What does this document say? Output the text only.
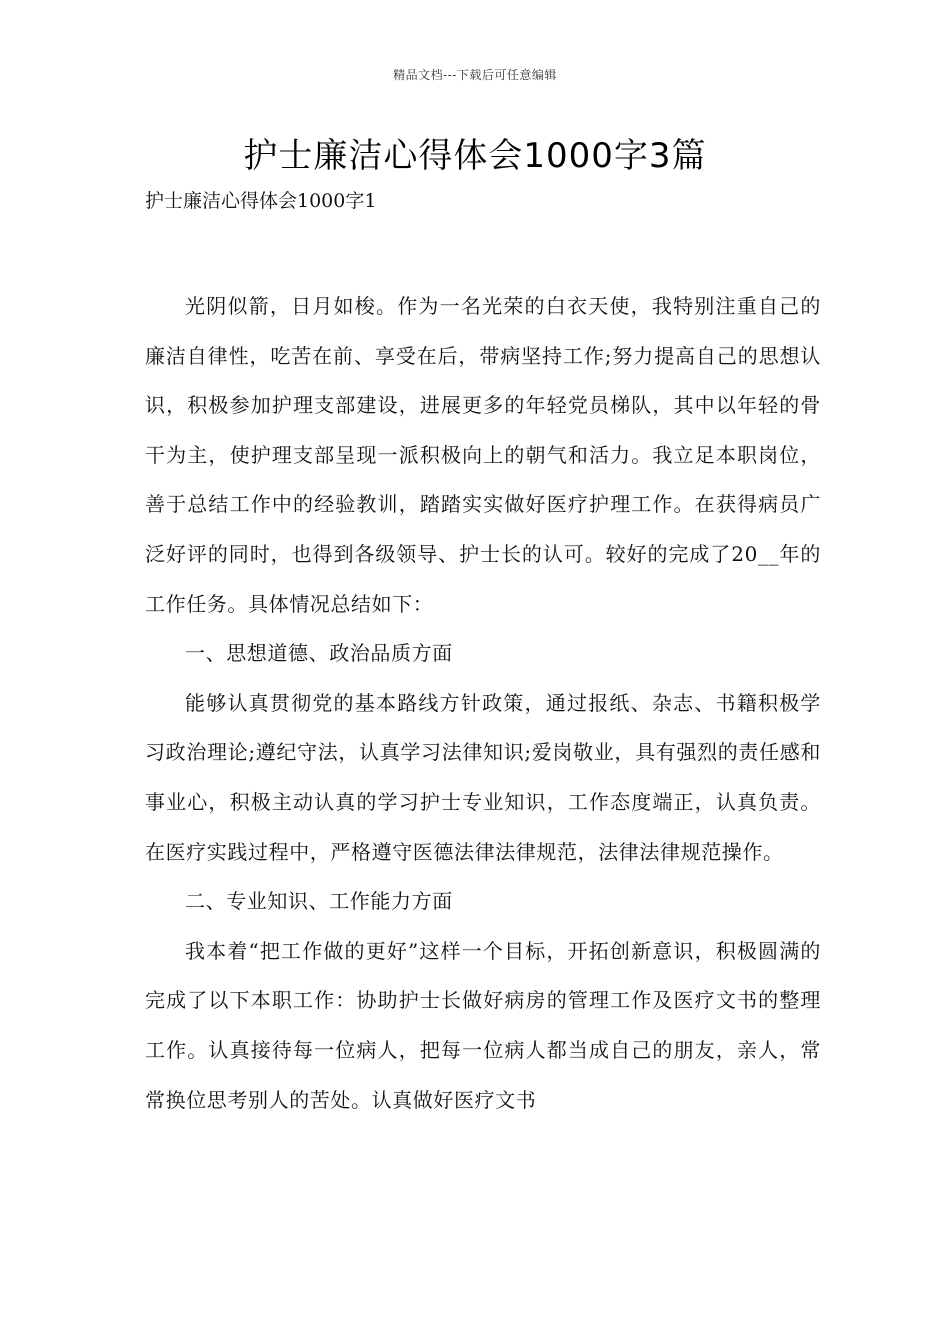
精品文档---下载后可任意编辑
护士廉洁心得体会1000字3篇
护士廉洁心得体会1000字1

光阴似箭，日月如梭。作为一名光荣的白衣天使，我特别注重自己的廉洁自律性，吃苦在前、享受在后，带病坚持工作;努力提高自己的思想认识，积极参加护理支部建设，进展更多的年轻党员梯队，其中以年轻的骨干为主，使护理支部呈现一派积极向上的朝气和活力。我立足本职岗位，善于总结工作中的经验教训，踏踏实实做好医疗护理工作。在获得病员广泛好评的同时，也得到各级领导、护士长的认可。较好的完成了20__年的工作任务。具体情况总结如下：

一、思想道德、政治品质方面

能够认真贯彻党的基本路线方针政策，通过报纸、杂志、书籍积极学习政治理论;遵纪守法，认真学习法律知识;爱岗敬业，具有强烈的责任感和事业心，积极主动认真的学习护士专业知识，工作态度端正，认真负责。在医疗实践过程中，严格遵守医德法律法律规范，法律法律规范操作。

二、专业知识、工作能力方面

我本着“把工作做的更好”这样一个目标，开拓创新意识，积极圆满的完成了以下本职工作：协助护士长做好病房的管理工作及医疗文书的整理工作。认真接待每一位病人，把每一位病人都当成自己的朋友，亲人，常常换位思考别人的苦处。认真做好医疗文书
